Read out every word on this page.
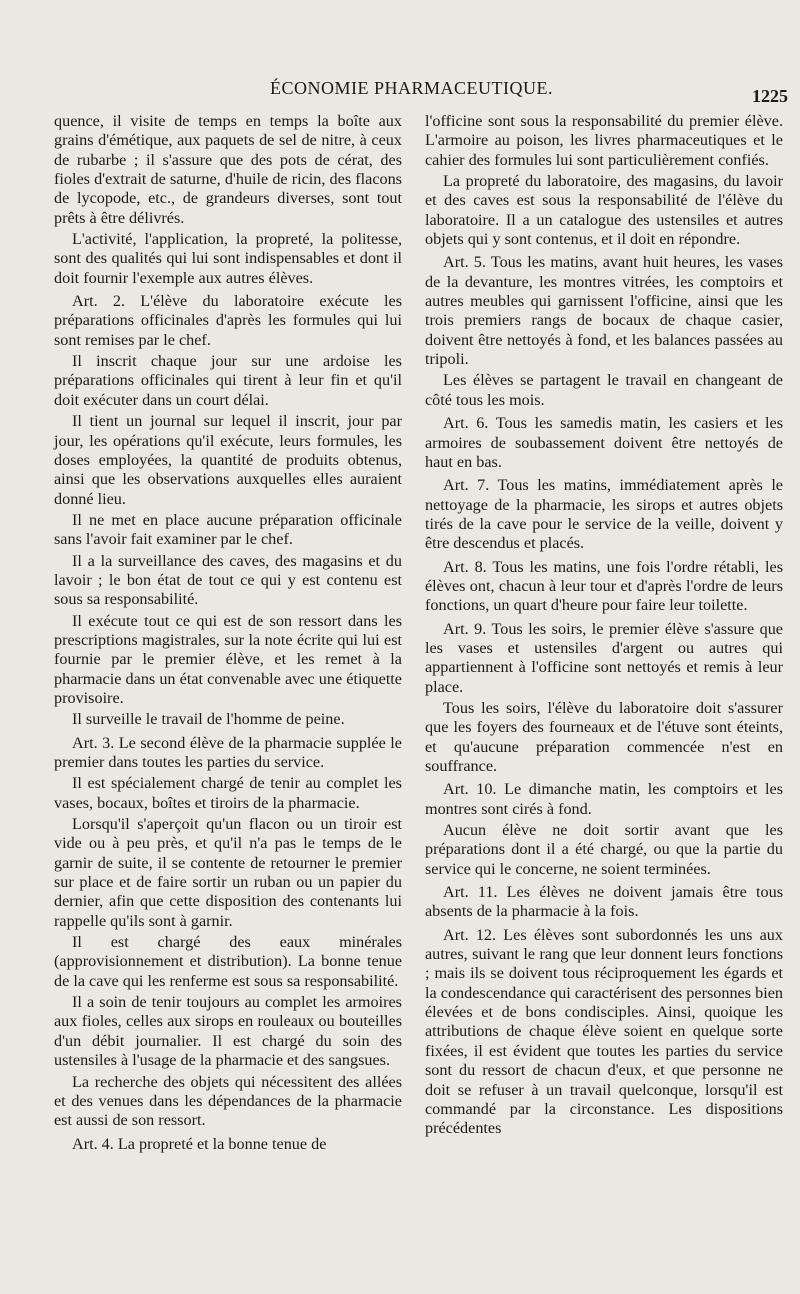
ÉCONOMIE PHARMACEUTIQUE.	1225

quence, il visite de temps en temps la boîte aux grains d'émétique, aux paquets de sel de nitre, à ceux de rubarbe ; il s'assure que des pots de cérat, des fioles d'extrait de saturne, d'huile de ricin, des flacons de lycopode, etc., de grandeurs diverses, sont tout prêts à être délivrés.

L'activité, l'application, la propreté, la politesse, sont des qualités qui lui sont indispensables et dont il doit fournir l'exemple aux autres élèves.

Art. 2. L'élève du laboratoire exécute les préparations officinales d'après les formules qui lui sont remises par le chef.

Il inscrit chaque jour sur une ardoise les préparations officinales qui tirent à leur fin et qu'il doit exécuter dans un court délai.

Il tient un journal sur lequel il inscrit, jour par jour, les opérations qu'il exécute, leurs formules, les doses employées, la quantité de produits obtenus, ainsi que les observations auxquelles elles auraient donné lieu.

Il ne met en place aucune préparation officinale sans l'avoir fait examiner par le chef.

Il a la surveillance des caves, des magasins et du lavoir ; le bon état de tout ce qui y est contenu est sous sa responsabilité.

Il exécute tout ce qui est de son ressort dans les prescriptions magistrales, sur la note écrite qui lui est fournie par le premier élève, et les remet à la pharmacie dans un état convenable avec une étiquette provisoire.

Il surveille le travail de l'homme de peine.

Art. 3. Le second élève de la pharmacie supplée le premier dans toutes les parties du service.

Il est spécialement chargé de tenir au complet les vases, bocaux, boîtes et tiroirs de la pharmacie.

Lorsqu'il s'aperçoit qu'un flacon ou un tiroir est vide ou à peu près, et qu'il n'a pas le temps de le garnir de suite, il se contente de retourner le premier sur place et de faire sortir un ruban ou un papier du dernier, afin que cette disposition des contenants lui rappelle qu'ils sont à garnir.

Il est chargé des eaux minérales (approvisionnement et distribution). La bonne tenue de la cave qui les renferme est sous sa responsabilité.

Il a soin de tenir toujours au complet les armoires aux fioles, celles aux sirops en rouleaux ou bouteilles d'un débit journalier. Il est chargé du soin des ustensiles à l'usage de la pharmacie et des sangsues.

La recherche des objets qui nécessitent des allées et des venues dans les dépendances de la pharmacie est aussi de son ressort.

Art. 4. La propreté et la bonne tenue de

l'officine sont sous la responsabilité du premier élève. L'armoire au poison, les livres pharmaceutiques et le cahier des formules lui sont particulièrement confiés.

La propreté du laboratoire, des magasins, du lavoir et des caves est sous la responsabilité de l'élève du laboratoire. Il a un catalogue des ustensiles et autres objets qui y sont contenus, et il doit en répondre.

Art. 5. Tous les matins, avant huit heures, les vases de la devanture, les montres vitrées, les comptoirs et autres meubles qui garnissent l'officine, ainsi que les trois premiers rangs de bocaux de chaque casier, doivent être nettoyés à fond, et les balances passées au tripoli.

Les élèves se partagent le travail en changeant de côté tous les mois.

Art. 6. Tous les samedis matin, les casiers et les armoires de soubassement doivent être nettoyés de haut en bas.

Art. 7. Tous les matins, immédiatement après le nettoyage de la pharmacie, les sirops et autres objets tirés de la cave pour le service de la veille, doivent y être descendus et placés.

Art. 8. Tous les matins, une fois l'ordre rétabli, les élèves ont, chacun à leur tour et d'après l'ordre de leurs fonctions, un quart d'heure pour faire leur toilette.

Art. 9. Tous les soirs, le premier élève s'assure que les vases et ustensiles d'argent ou autres qui appartiennent à l'officine sont nettoyés et remis à leur place.

Tous les soirs, l'élève du laboratoire doit s'assurer que les foyers des fourneaux et de l'étuve sont éteints, et qu'aucune préparation commencée n'est en souffrance.

Art. 10. Le dimanche matin, les comptoirs et les montres sont cirés à fond.

Aucun élève ne doit sortir avant que les préparations dont il a été chargé, ou que la partie du service qui le concerne, ne soient terminées.

Art. 11. Les élèves ne doivent jamais être tous absents de la pharmacie à la fois.

Art. 12. Les élèves sont subordonnés les uns aux autres, suivant le rang que leur donnent leurs fonctions ; mais ils se doivent tous réciproquement les égards et la condescendance qui caractérisent des personnes bien élevées et de bons condisciples. Ainsi, quoique les attributions de chaque élève soient en quelque sorte fixées, il est évident que toutes les parties du service sont du ressort de chacun d'eux, et que personne ne doit se refuser à un travail quelconque, lorsqu'il est commandé par la circonstance. Les dispositions précédentes
